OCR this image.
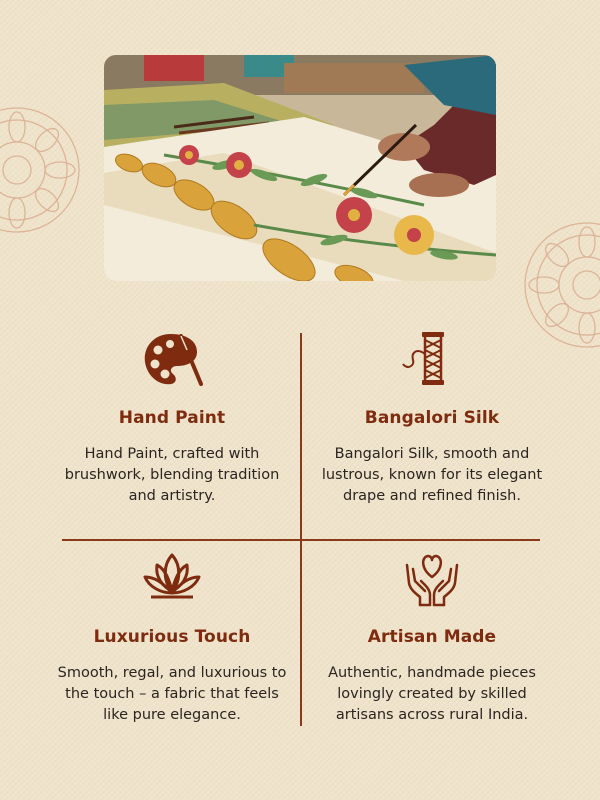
Hand Paint
Hand Paint, crafted with brushwork, blending tradition and artistry.
Bangalori Silk
Bangalori Silk, smooth and lustrous, known for its elegant drape and refined finish.
Luxurious Touch
Smooth, regal, and luxurious to the touch – a fabric that feels like pure elegance.
Artisan Made
Authentic, handmade pieces lovingly created by skilled artisans across rural India.
